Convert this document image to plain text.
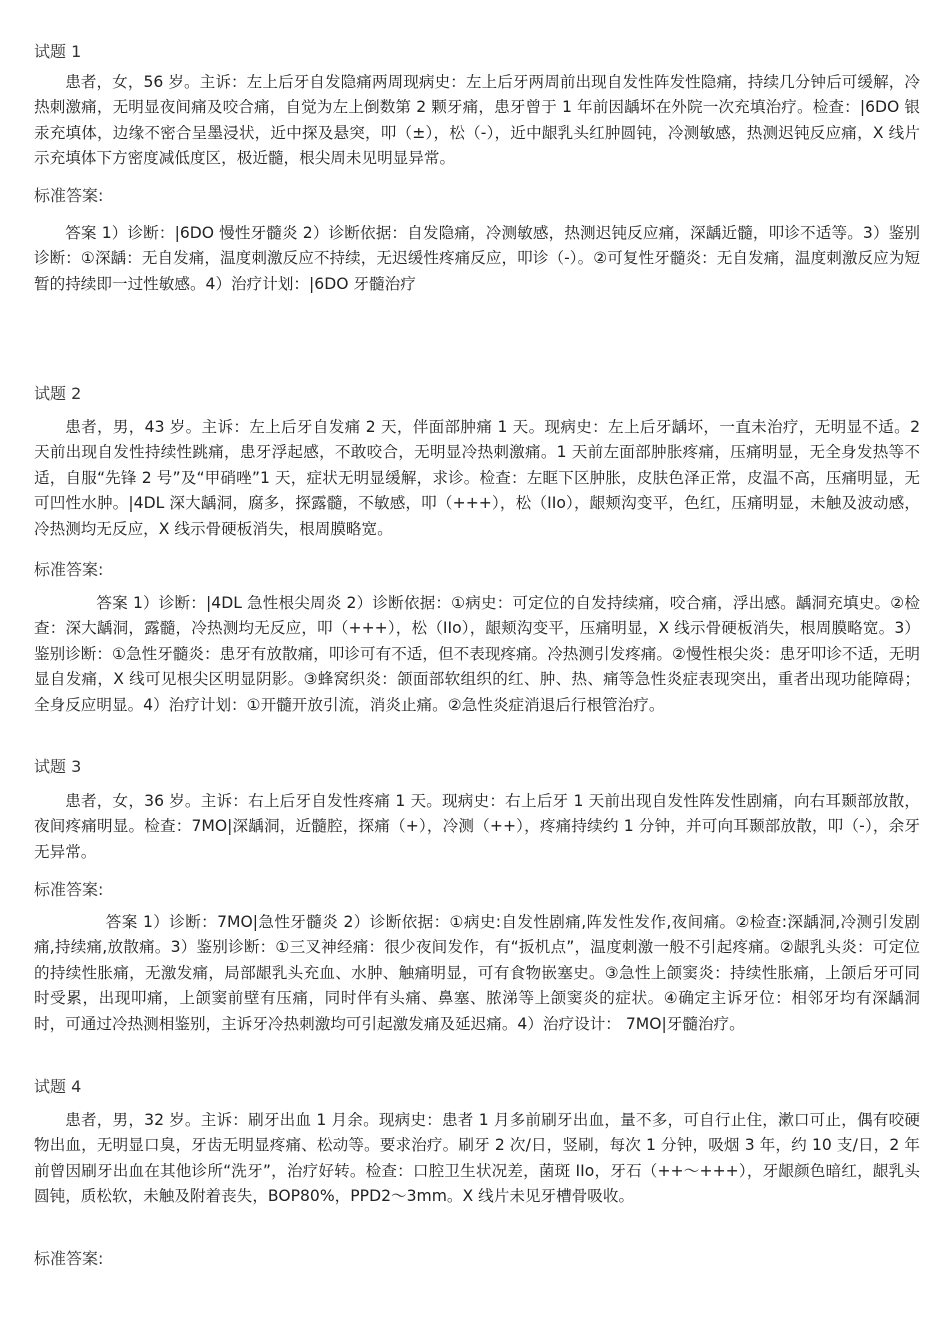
试题 1

患者，女，56 岁。主诉：左上后牙自发隐痛两周现病史：左上后牙两周前出现自发性阵发性隐痛，持续几分钟后可缓解，冷热刺激痛，无明显夜间痛及咬合痛，自觉为左上倒数第 2 颗牙痛，患牙曾于 1 年前因龋坏在外院一次充填治疗。检查：|6DO 银汞充填体，边缘不密合呈墨浸状，近中探及悬突，叩（±），松（-），近中龈乳头红肿圆钝，冷测敏感，热测迟钝反应痛，X 线片示充填体下方密度减低度区，极近髓，根尖周未见明显异常。

标准答案:

答案 1）诊断：|6DO 慢性牙髓炎 2）诊断依据：自发隐痛，冷测敏感，热测迟钝反应痛，深龋近髓，叩诊不适等。3）鉴别诊断：①深龋：无自发痛，温度刺激反应不持续，无迟缓性疼痛反应，叩诊（-）。②可复性牙髓炎：无自发痛，温度刺激反应为短暂的持续即一过性敏感。4）治疗计划：|6DO 牙髓治疗

试题 2

患者，男，43 岁。主诉：左上后牙自发痛 2 天，伴面部肿痛 1 天。现病史：左上后牙龋坏，一直未治疗，无明显不适。2 天前出现自发性持续性跳痛，患牙浮起感，不敢咬合，无明显冷热刺激痛。1 天前左面部肿胀疼痛，压痛明显，无全身发热等不适，自服“先锋 2 号”及“甲硝唑”1 天，症状无明显缓解，求诊。检查：左眶下区肿胀，皮肤色泽正常，皮温不高，压痛明显，无可凹性水肿。|4DL 深大龋洞，腐多，探露髓，不敏感，叩（+++），松（IIo），龈颊沟变平，色红，压痛明显，未触及波动感，冷热测均无反应，X 线示骨硬板消失，根周膜略宽。

标准答案:

答案 1）诊断：|4DL 急性根尖周炎 2）诊断依据：①病史：可定位的自发持续痛，咬合痛，浮出感。龋洞充填史。②检查：深大龋洞，露髓，冷热测均无反应，叩（+++），松（IIo），龈颊沟变平，压痛明显，X 线示骨硬板消失，根周膜略宽。3）鉴别诊断：①急性牙髓炎：患牙有放散痛，叩诊可有不适，但不表现疼痛。冷热测引发疼痛。②慢性根尖炎：患牙叩诊不适，无明显自发痛，X 线可见根尖区明显阴影。③蜂窝织炎：颌面部软组织的红、肿、热、痛等急性炎症表现突出，重者出现功能障碍；全身反应明显。4）治疗计划：①开髓开放引流，消炎止痛。②急性炎症消退后行根管治疗。

试题 3

患者，女，36 岁。主诉：右上后牙自发性疼痛 1 天。现病史：右上后牙 1 天前出现自发性阵发性剧痛，向右耳颞部放散，夜间疼痛明显。检查：7MO|深龋洞，近髓腔，探痛（+），冷测（++），疼痛持续约 1 分钟，并可向耳颞部放散，叩（-），余牙无异常。

标准答案:

答案 1）诊断：7MO|急性牙髓炎 2）诊断依据：①病史:自发性剧痛,阵发性发作,夜间痛。②检查:深龋洞,冷测引发剧痛,持续痛,放散痛。3）鉴别诊断：①三叉神经痛：很少夜间发作，有“扳机点”，温度刺激一般不引起疼痛。②龈乳头炎：可定位的持续性胀痛，无激发痛，局部龈乳头充血、水肿、触痛明显，可有食物嵌塞史。③急性上颌窦炎：持续性胀痛，上颌后牙可同时受累，出现叩痛，上颌窦前壁有压痛，同时伴有头痛、鼻塞、脓涕等上颌窦炎的症状。④确定主诉牙位：相邻牙均有深龋洞时，可通过冷热测相鉴别，主诉牙冷热刺激均可引起激发痛及延迟痛。4）治疗设计： 7MO|牙髓治疗。

试题 4

患者，男，32 岁。主诉：刷牙出血 1 月余。现病史：患者 1 月多前刷牙出血，量不多，可自行止住，漱口可止，偶有咬硬物出血，无明显口臭，牙齿无明显疼痛、松动等。要求治疗。刷牙 2 次/日，竖刷，每次 1 分钟，吸烟 3 年，约 10 支/日，2 年前曾因刷牙出血在其他诊所“洗牙”，治疗好转。检查：口腔卫生状况差，菌斑 IIo，牙石（++～+++），牙龈颜色暗红，龈乳头圆钝，质松软，未触及附着丧失，BOP80%，PPD2～3mm。X 线片未见牙槽骨吸收。

标准答案:
